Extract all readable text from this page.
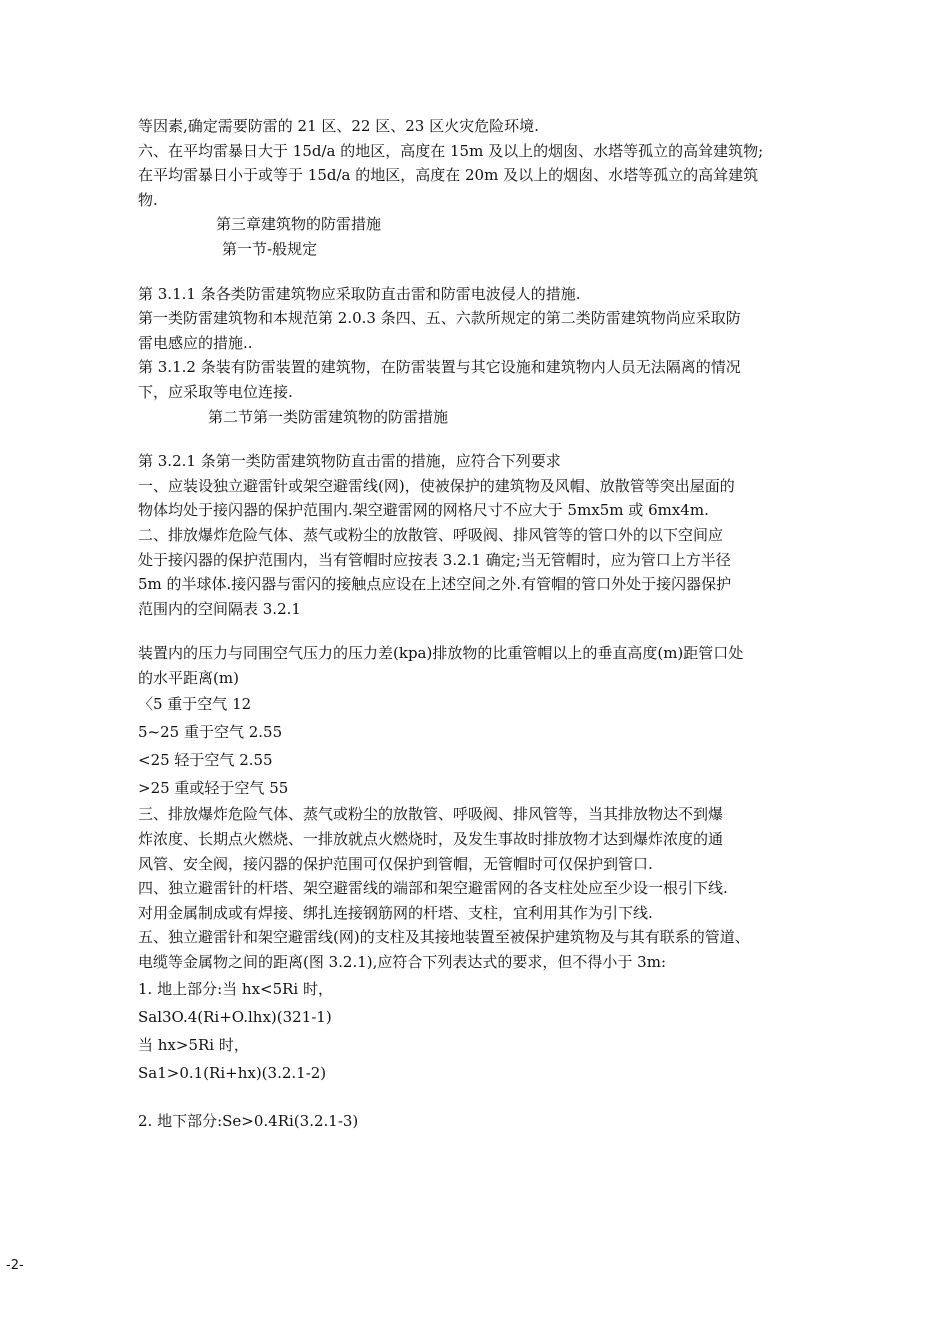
等因素,确定需要防雷的 21 区、22 区、23 区火灾危险环境.
六、在平均雷暴日大于 15d/a 的地区，高度在 15m 及以上的烟囱、水塔等孤立的高耸建筑物;
在平均雷暴日小于或等于 15d/a 的地区，高度在 20m 及以上的烟囱、水塔等孤立的高耸建筑
物.
第三章建筑物的防雷措施
第一节-般规定
第 3.1.1 条各类防雷建筑物应采取防直击雷和防雷电波侵人的措施.
第一类防雷建筑物和本规范第 2.0.3 条四、五、六款所规定的第二类防雷建筑物尚应采取防
雷电感应的措施..
第 3.1.2 条装有防雷装置的建筑物，在防雷装置与其它设施和建筑物内人员无法隔离的情况
下，应采取等电位连接.
第二节第一类防雷建筑物的防雷措施
第 3.2.1 条第一类防雷建筑物防直击雷的措施，应符合下列要求
一、应装设独立避雷针或架空避雷线(网)，使被保护的建筑物及风帽、放散管等突出屋面的
物体均处于接闪器的保护范围内.架空避雷网的网格尺寸不应大于 5mx5m 或 6mx4m.
二、排放爆炸危险气体、蒸气或粉尘的放散管、呼吸阀、排风管等的管口外的以下空间应
处于接闪器的保护范围内，当有管帽时应按表 3.2.1 确定;当无管帽时，应为管口上方半径
5m 的半球体.接闪器与雷闪的接触点应设在上述空间之外.有管帽的管口外处于接闪器保护
范围内的空间隔表 3.2.1
装置内的压力与同围空气压力的压力差(kpa)排放物的比重管帽以上的垂直高度(m)距管口处
的水平距离(m)
〈5 重于空气 12
5~25 重于空气 2.55
<25 轻于空气 2.55
>25 重或轻于空气 55
三、排放爆炸危险气体、蒸气或粉尘的放散管、呼吸阀、排风管等，当其排放物达不到爆
炸浓度、长期点火燃烧、一排放就点火燃烧时，及发生事故时排放物才达到爆炸浓度的通
风管、安全阀，接闪器的保护范围可仅保护到管帽，无管帽时可仅保护到管口.
四、独立避雷针的杆塔、架空避雷线的端部和架空避雷网的各支柱处应至少设一根引下线.
对用金属制成或有焊接、绑扎连接钢筋网的杆塔、支柱，宜利用其作为引下线.
五、独立避雷针和架空避雷线(网)的支柱及其接地装置至被保护建筑物及与其有联系的管道、
电缆等金属物之间的距离(图 3.2.1),应符合下列表达式的要求，但不得小于 3m:
1. 地上部分:当 hx<5Ri 时，
Sal3O.4(Ri+O.lhx)(321-1)
当 hx>5Ri 时，
Sa1>0.1(Ri+hx)(3.2.1-2)
2. 地下部分:Se>0.4Ri(3.2.1-3)
-2-
